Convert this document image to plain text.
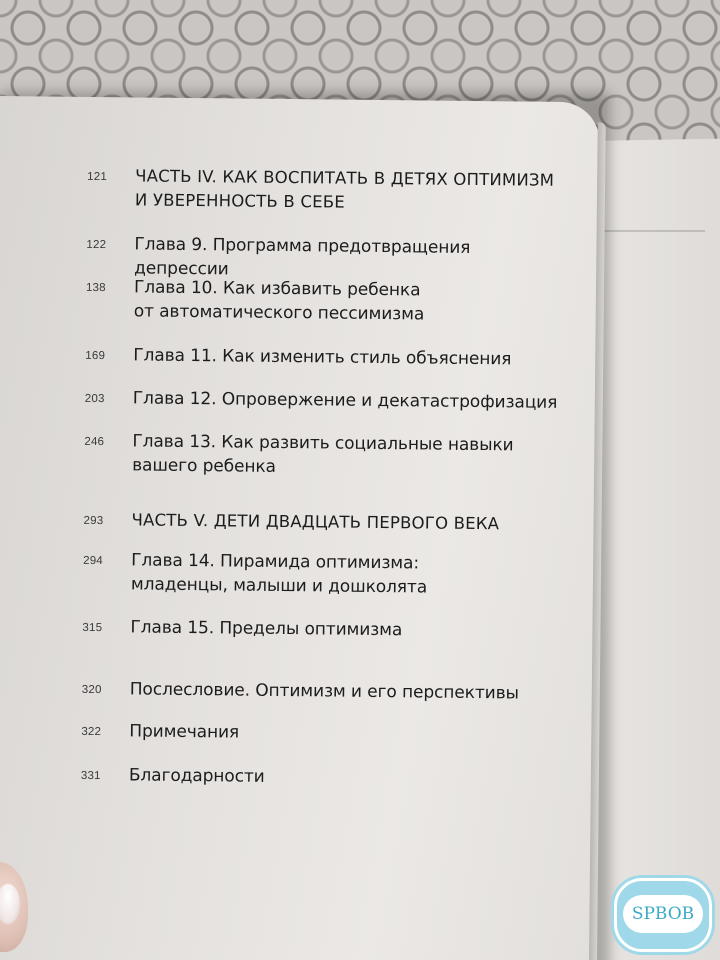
121	ЧАСТЬ IV. КАК ВОСПИТАТЬ В ДЕТЯХ ОПТИМИЗМ
И УВЕРЕННОСТЬ В СЕБЕ
122	Глава 9. Программа предотвращения депрессии
138	Глава 10. Как избавить ребенка
от автоматического пессимизма
169	Глава 11. Как изменить стиль объяснения
203	Глава 12. Опровержение и декатастрофизация
246	Глава 13. Как развить социальные навыки
вашего ребенка
293	ЧАСТЬ V. ДЕТИ ДВАДЦАТЬ ПЕРВОГО ВЕКА
294	Глава 14. Пирамида оптимизма:
младенцы, малыши и дошколята
315	Глава 15. Пределы оптимизма
320	Послесловие. Оптимизм и его перспективы
322	Примечания
331	Благодарности
SPBOB
